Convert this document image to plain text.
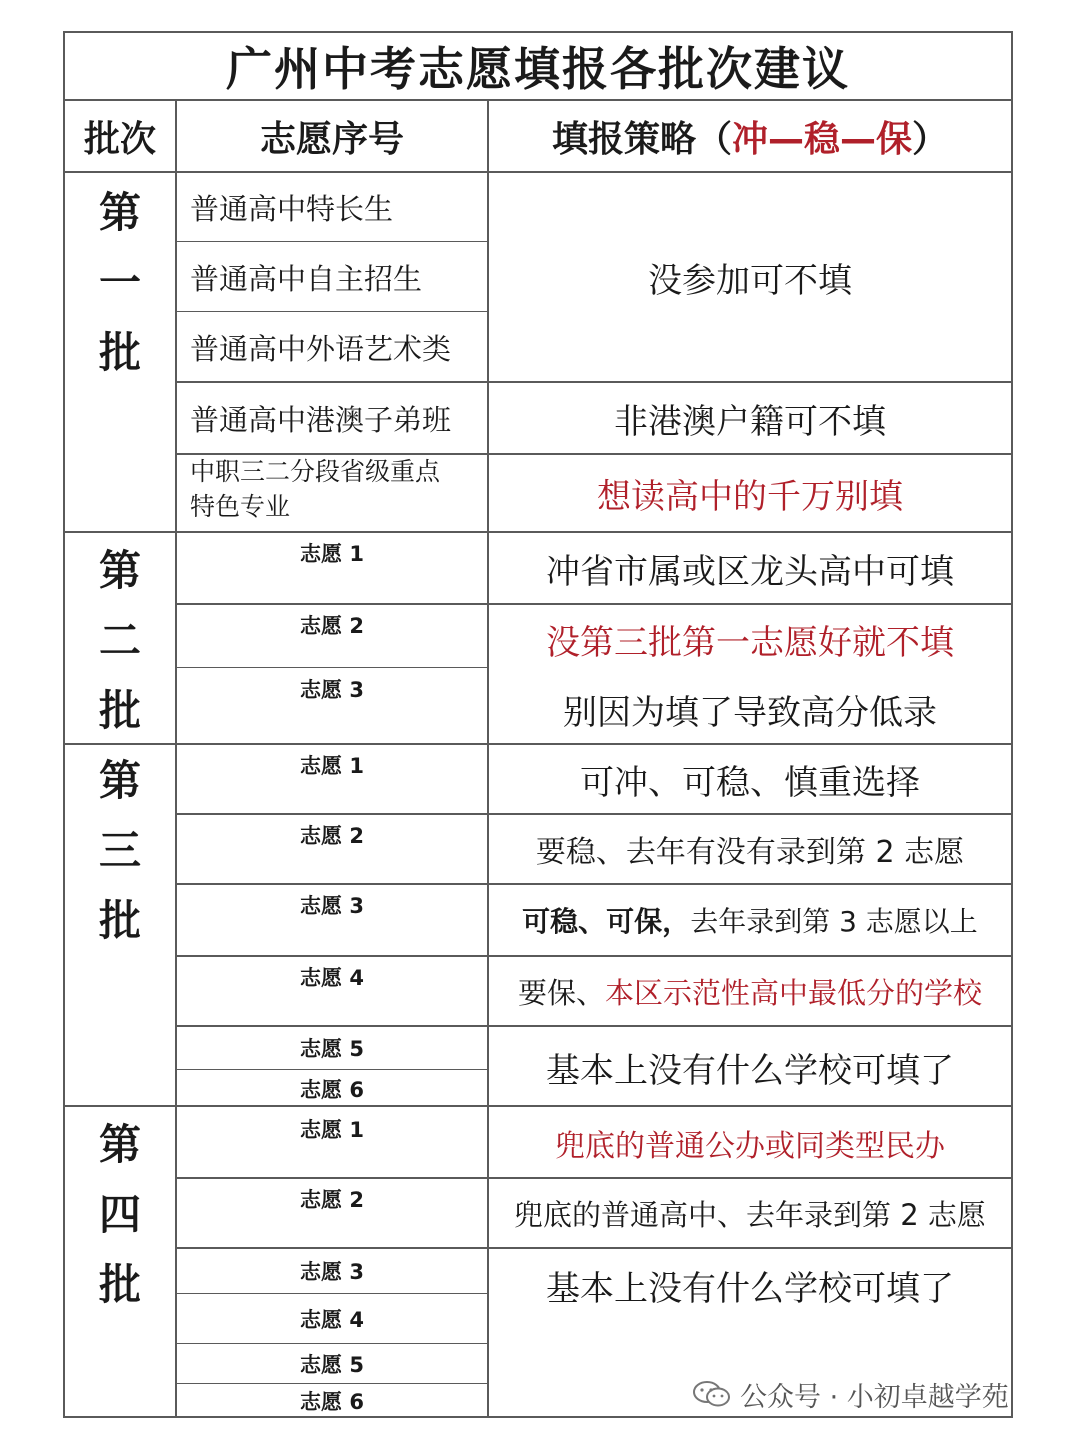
广州中考志愿填报各批次建议
批次	志愿序号	填报策略（ 冲—稳—保 ）
第
一
批
普通高中特长生
普通高中自主招生
普通高中外语艺术类
普通高中港澳子弟班
中职三二分段省级重点
特色专业
没参加可不填
非港澳户籍可不填
想读高中的千万别填
第
二
批
志愿 1
志愿 2
志愿 3
冲省市属或区龙头高中可填
没第三批第一志愿好就不填
别因为填了导致高分低录
第
三
批
志愿 1
志愿 2
志愿 3
志愿 4
志愿 5
志愿 6
可冲、可稳、慎重选择
要稳、去年有没有录到第 2 志愿
可稳、可保， 去年录到第 3 志愿以上
要保、 本区示范性高中最低分的学校
基本上没有什么学校可填了
第
四
批
志愿 1
志愿 2
志愿 3
志愿 4
志愿 5
志愿 6
兜底的普通公办或同类型民办
兜底的普通高中、去年录到第 2 志愿
基本上没有什么学校可填了
公众号 · 小初卓越学苑
